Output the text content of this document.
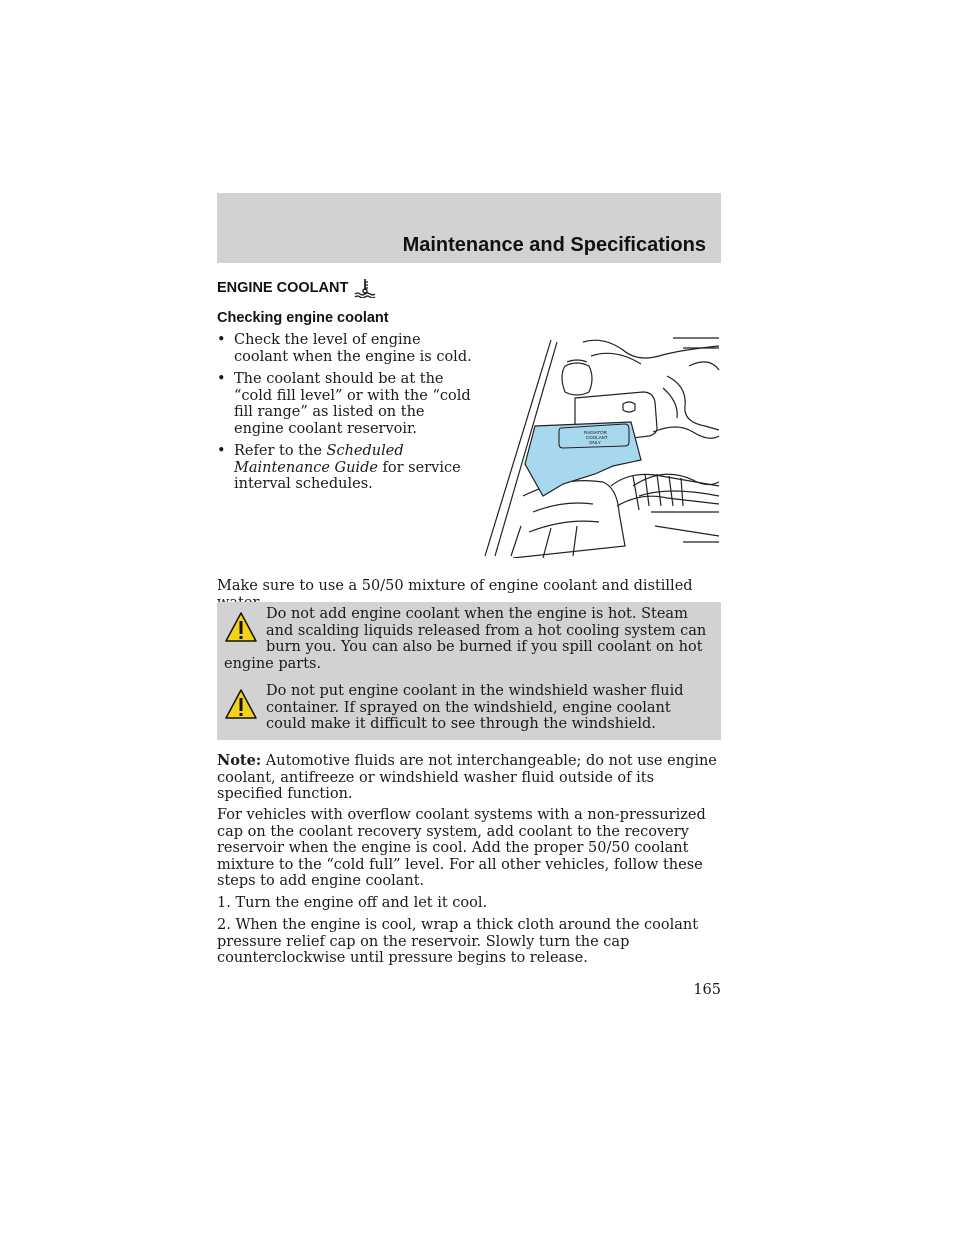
Maintenance and Specifications
ENGINE COOLANT
Checking engine coolant
• Check the level of engine coolant when the engine is cold.
• The coolant should be at the “cold fill level” or with the “cold fill range” as listed on the engine coolant reservoir.
• Refer to the Scheduled Maintenance Guide for service interval schedules.
RADIATOR
COOLANT
ONLY

Make sure to use a 50/50 mixture of engine coolant and distilled

Do not add engine coolant when the engine is hot. Steam and scalding liquids released from a hot cooling system can burn you. You can also be burned if you spill coolant on hot engine parts.
Do not put engine coolant in the windshield washer fluid container. If sprayed on the windshield, engine coolant could make it difficult to see through the windshield.

Note: Automotive fluids are not interchangeable; do not use engine coolant, antifreeze or windshield washer fluid outside of its specified function.

For vehicles with overflow coolant systems with a non-pressurized cap on the coolant recovery system, add coolant to the recovery reservoir when the engine is cool. Add the proper 50/50 coolant mixture to the “cold full” level. For all other vehicles, follow these steps to add engine coolant.

1. Turn the engine off and let it cool.

2. When the engine is cool, wrap a thick cloth around the coolant pressure relief cap on the reservoir. Slowly turn the cap counterclockwise until pressure begins to release.

165
